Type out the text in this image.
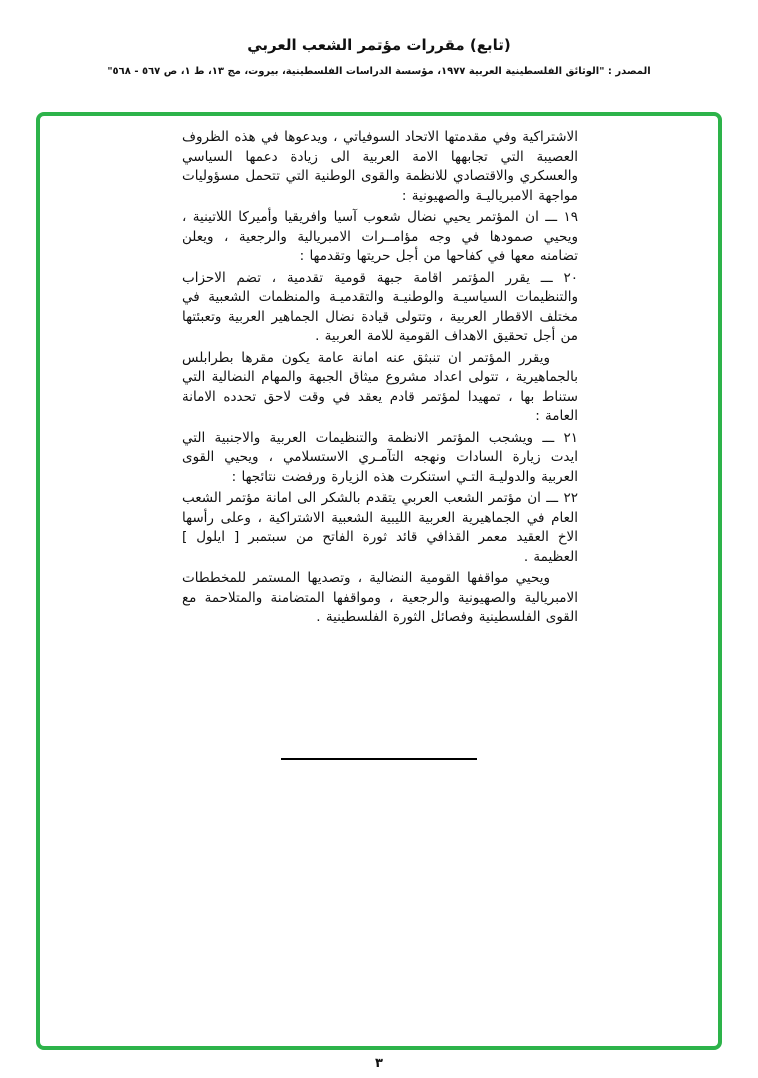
(تابع) مقررات مؤتمر الشعب العربي
المصدر : "الوثائق الفلسطينية العربية ١٩٧٧، مؤسسة الدراسات الفلسطينية، بيروت، مج ١٣، ط ١، ص ٥٦٧ - ٥٦٨"

الاشتراكية وفي مقدمتها الاتحاد السوفياتي ، ويدعوها في هذه الظروف العصيبة التي تجابهها الامة العربية الى زيادة دعمها السياسي والعسكري والاقتصادي للانظمة والقوى الوطنية التي تتحمل مسؤوليات مواجهة الامبرياليـة والصهيونية :

١٩ ـــ ان المؤتمر يحيي نضال شعوب آسيا وافريقيا وأميركا اللاتينية ، ويحيي صمودها في وجه مؤامــرات الامبريالية والرجعية ، ويعلن تضامنه معها في كفاحها من أجل حريتها وتقدمها :

٢٠ ـــ يقرر المؤتمر اقامة جبهة قومية تقدمية ، تضم الاحزاب والتنظيمات السياسيـة والوطنيـة والتقدميـة والمنظمات الشعبية في مختلف الاقطار العربية ، وتتولى قيادة نضال الجماهير العربية وتعبئتها من أجل تحقيق الاهداف القومية للامة العربية .

ويقرر المؤتمر ان تنبثق عنه امانة عامة يكون مقرها بطرابلس بالجماهيرية ، تتولى اعداد مشروع ميثاق الجبهة والمهام النضالية التي ستناط بها ، تمهيدا لمؤتمر قادم يعقد في وقت لاحق تحدده الامانة العامة :

٢١ ـــ ويشجب المؤتمر الانظمة والتنظيمات العربية والاجنبية التي ايدت زيارة السادات ونهجه التآمـري الاستسلامي ، ويحيي القوى العربية والدوليـة التـي استنكرت هذه الزيارة ورفضت نتائجها :

٢٢ ـــ ان مؤتمر الشعب العربي يتقدم بالشكر الى امانة مؤتمر الشعب العام في الجماهيرية العربية الليبية الشعبية الاشتراكية ، وعلى رأسها الاخ العقيد معمر القذافي قائد ثورة الفاتح من سبتمبر [ ايلول ] العظيمة .

ويحيي مواقفها القومية النضالية ، وتصديها المستمر للمخططات الامبريالية والصهيونية والرجعية ، ومواقفها المتضامنة والمتلاحمة مع القوى الفلسطينية وفصائل الثورة الفلسطينية .

٣
